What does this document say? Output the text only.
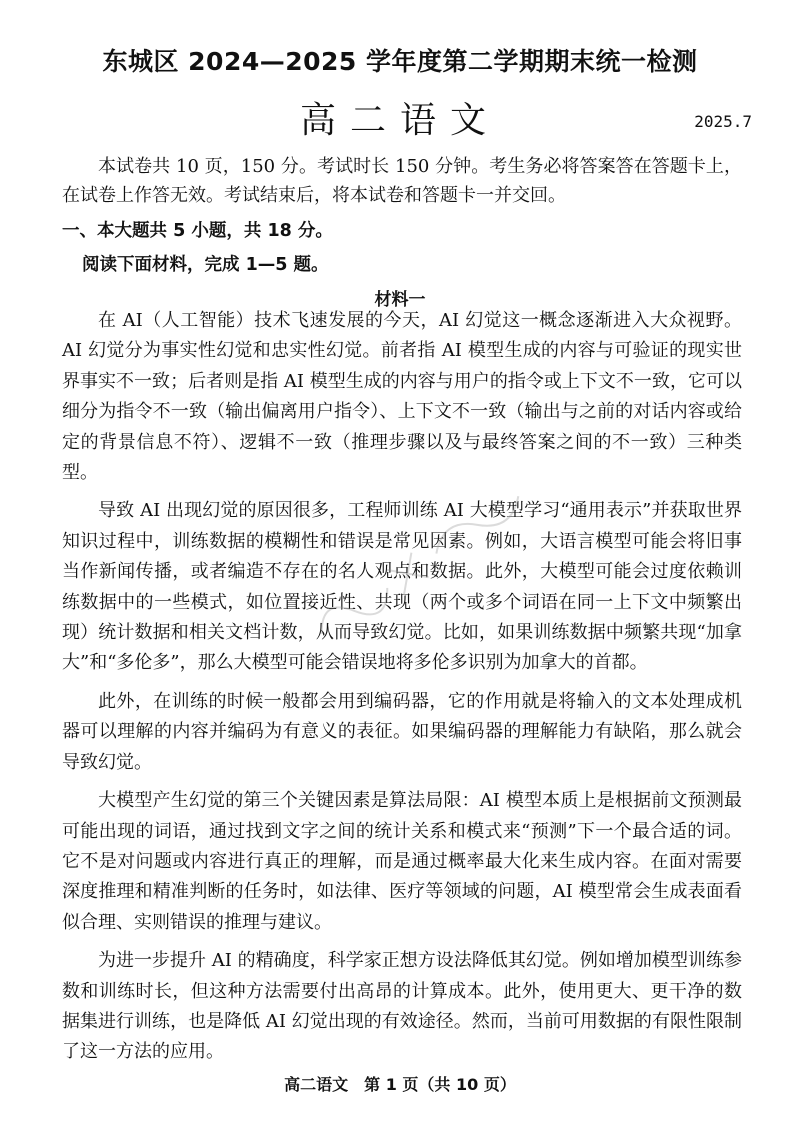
东城区 2024—2025 学年度第二学期期末统一检测
高二语文	2025.7
本试卷共 10 页，150 分。考试时长 150 分钟。考生务必将答案答在答题卡上，在试卷上作答无效。考试结束后，将本试卷和答题卡一并交回。
一、本大题共 5 小题，共 18 分。
阅读下面材料，完成 1—5 题。
材料一

在 AI（人工智能）技术飞速发展的今天，AI 幻觉这一概念逐渐进入大众视野。AI 幻觉分为事实性幻觉和忠实性幻觉。前者指 AI 模型生成的内容与可验证的现实世界事实不一致；后者则是指 AI 模型生成的内容与用户的指令或上下文不一致，它可以细分为指令不一致（输出偏离用户指令）、上下文不一致（输出与之前的对话内容或给定的背景信息不符）、逻辑不一致（推理步骤以及与最终答案之间的不一致）三种类型。

导致 AI 出现幻觉的原因很多，工程师训练 AI 大模型学习“通用表示”并获取世界知识过程中，训练数据的模糊性和错误是常见因素。例如，大语言模型可能会将旧事当作新闻传播，或者编造不存在的名人观点和数据。此外，大模型可能会过度依赖训练数据中的一些模式，如位置接近性、共现（两个或多个词语在同一上下文中频繁出现）统计数据和相关文档计数，从而导致幻觉。比如，如果训练数据中频繁共现“加拿大”和“多伦多”，那么大模型可能会错误地将多伦多识别为加拿大的首都。

此外，在训练的时候一般都会用到编码器，它的作用就是将输入的文本处理成机器可以理解的内容并编码为有意义的表征。如果编码器的理解能力有缺陷，那么就会导致幻觉。

大模型产生幻觉的第三个关键因素是算法局限：AI 模型本质上是根据前文预测最可能出现的词语，通过找到文字之间的统计关系和模式来“预测”下一个最合适的词。它不是对问题或内容进行真正的理解，而是通过概率最大化来生成内容。在面对需要深度推理和精准判断的任务时，如法律、医疗等领域的问题，AI 模型常会生成表面看似合理、实则错误的推理与建议。

为进一步提升 AI 的精确度，科学家正想方设法降低其幻觉。例如增加模型训练参数和训练时长，但这种方法需要付出高昂的计算成本。此外，使用更大、更干净的数据集进行训练，也是降低 AI 幻觉出现的有效途径。然而，当前可用数据的有限性限制了这一方法的应用。

高二语文　第 1 页（共 10 页）
